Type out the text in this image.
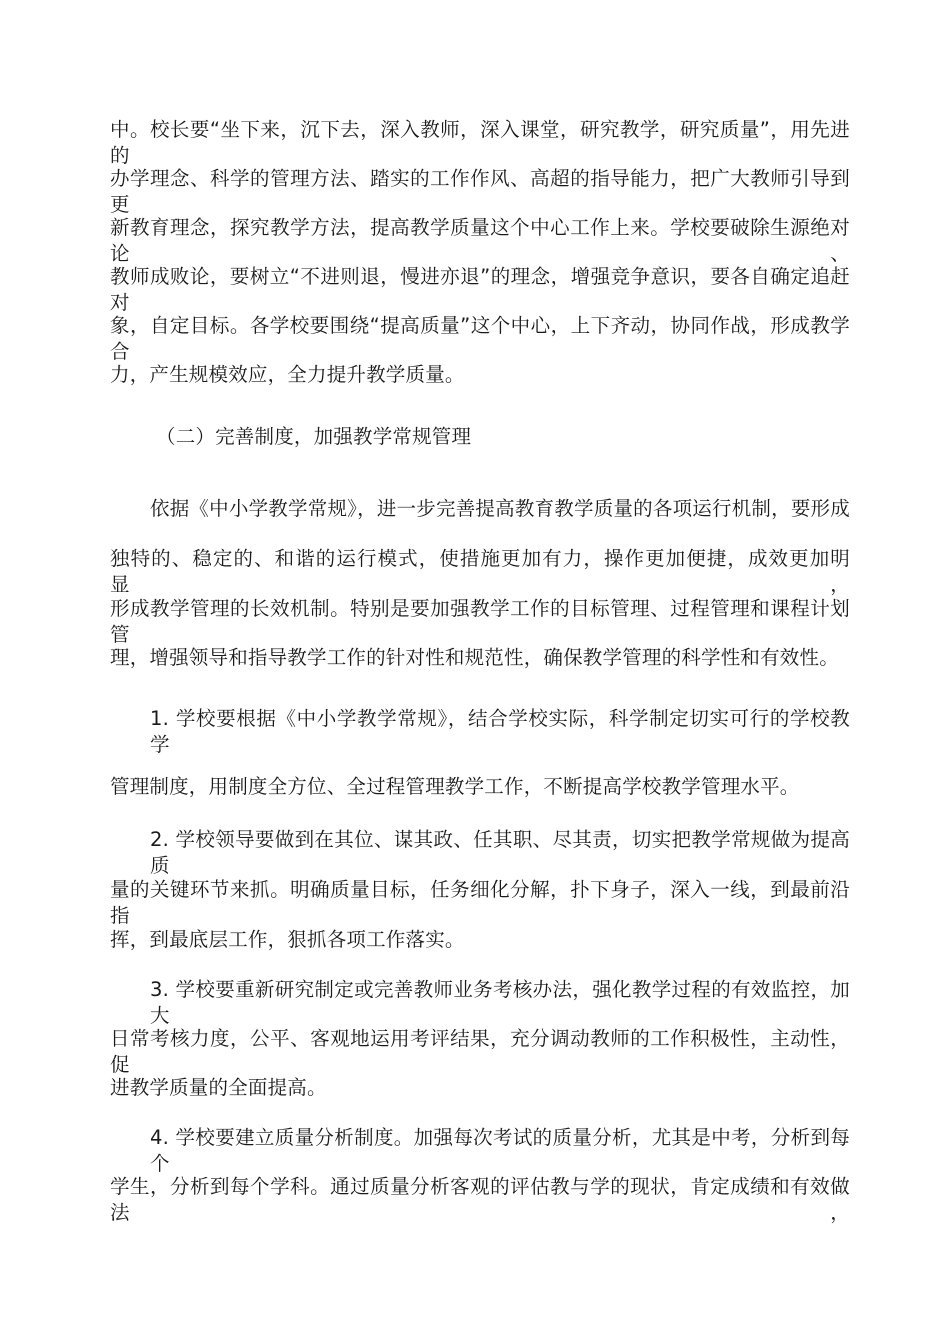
中。校长要“坐下来，沉下去，深入教师，深入课堂，研究教学，研究质量”，用先进的
办学理念、科学的管理方法、踏实的工作作风、高超的指导能力，把广大教师引导到更
新教育理念，探究教学方法，提高教学质量这个中心工作上来。学校要破除生源绝对论、
教师成败论，要树立“不进则退，慢进亦退”的理念，增强竞争意识，要各自确定追赶对
象，自定目标。各学校要围绕“提高质量”这个中心，上下齐动，协同作战，形成教学合
力，产生规模效应，全力提升教学质量。
（二）完善制度，加强教学常规管理
依据《中小学教学常规》，进一步完善提高教育教学质量的各项运行机制，要形成
独特的、稳定的、和谐的运行模式，使措施更加有力，操作更加便捷，成效更加明显，
形成教学管理的长效机制。特别是要加强教学工作的目标管理、过程管理和课程计划管
理，增强领导和指导教学工作的针对性和规范性，确保教学管理的科学性和有效性。
1. 学校要根据《中小学教学常规》，结合学校实际，科学制定切实可行的学校教学
管理制度，用制度全方位、全过程管理教学工作，不断提高学校教学管理水平。
2. 学校领导要做到在其位、谋其政、任其职、尽其责，切实把教学常规做为提高质
量的关键环节来抓。明确质量目标，任务细化分解，扑下身子，深入一线，到最前沿指
挥，到最底层工作，狠抓各项工作落实。
3. 学校要重新研究制定或完善教师业务考核办法，强化教学过程的有效监控，加大
日常考核力度，公平、客观地运用考评结果，充分调动教师的工作积极性，主动性，促
进教学质量的全面提高。
4. 学校要建立质量分析制度。加强每次考试的质量分析，尤其是中考，分析到每个
学生，分析到每个学科。通过质量分析客观的评估教与学的现状，肯定成绩和有效做法，
